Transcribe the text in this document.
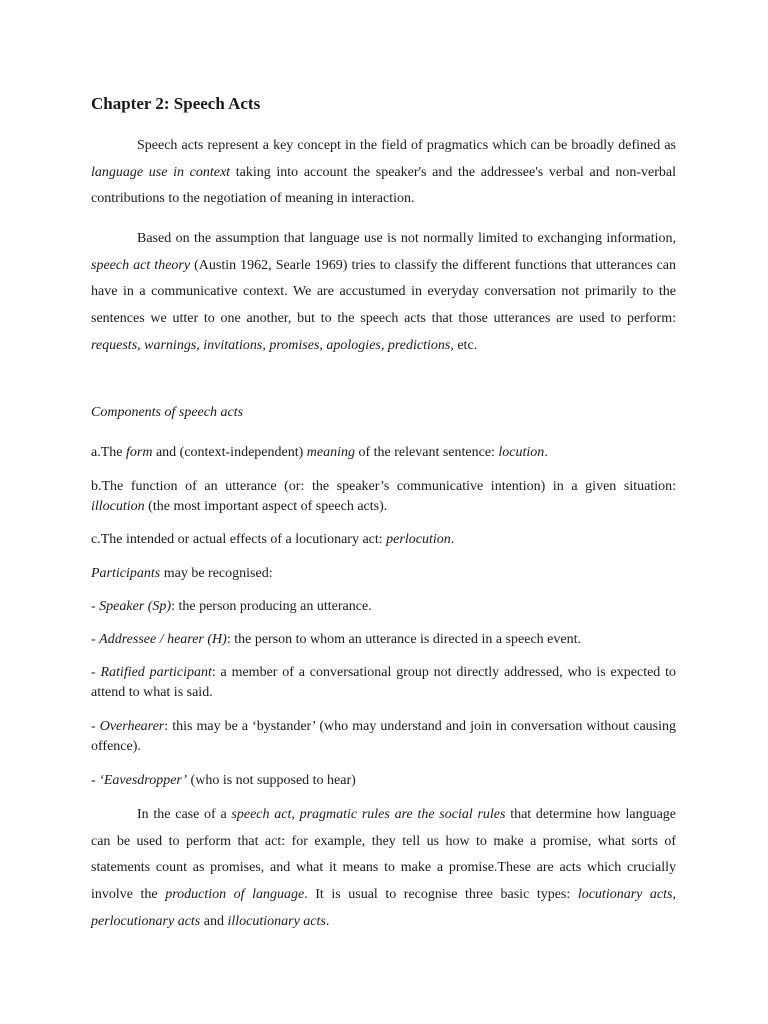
Chapter 2: Speech Acts

Speech acts represent a key concept in the field of pragmatics which can be broadly defined as language use in context taking into account the speaker's and the addressee's verbal and non-verbal contributions to the negotiation of meaning in interaction.

Based on the assumption that language use is not normally limited to exchanging information, speech act theory (Austin 1962, Searle 1969) tries to classify the different functions that utterances can have in a communicative context. We are accustumed in everyday conversation not primarily to the sentences we utter to one another, but to the speech acts that those utterances are used to perform: requests, warnings, invitations, promises, apologies, predictions, etc.

Components of speech acts

a.The form and (context-independent) meaning of the relevant sentence: locution.

b.The function of an utterance (or: the speaker’s communicative intention) in a given situation: illocution (the most important aspect of speech acts).

c.The intended or actual effects of a locutionary act: perlocution.

Participants may be recognised:

- Speaker (Sp): the person producing an utterance.

- Addressee / hearer (H): the person to whom an utterance is directed in a speech event.

- Ratified participant: a member of a conversational group not directly addressed, who is expected to attend to what is said.

- Overhearer: this may be a ‘bystander’ (who may understand and join in conversation without causing offence).

- ‘Eavesdropper’ (who is not supposed to hear)

In the case of a speech act, pragmatic rules are the social rules that determine how language can be used to perform that act: for example, they tell us how to make a promise, what sorts of statements count as promises, and what it means to make a promise.These are acts which crucially involve the production of language. It is usual to recognise three basic types: locutionary acts, perlocutionary acts and illocutionary acts.
